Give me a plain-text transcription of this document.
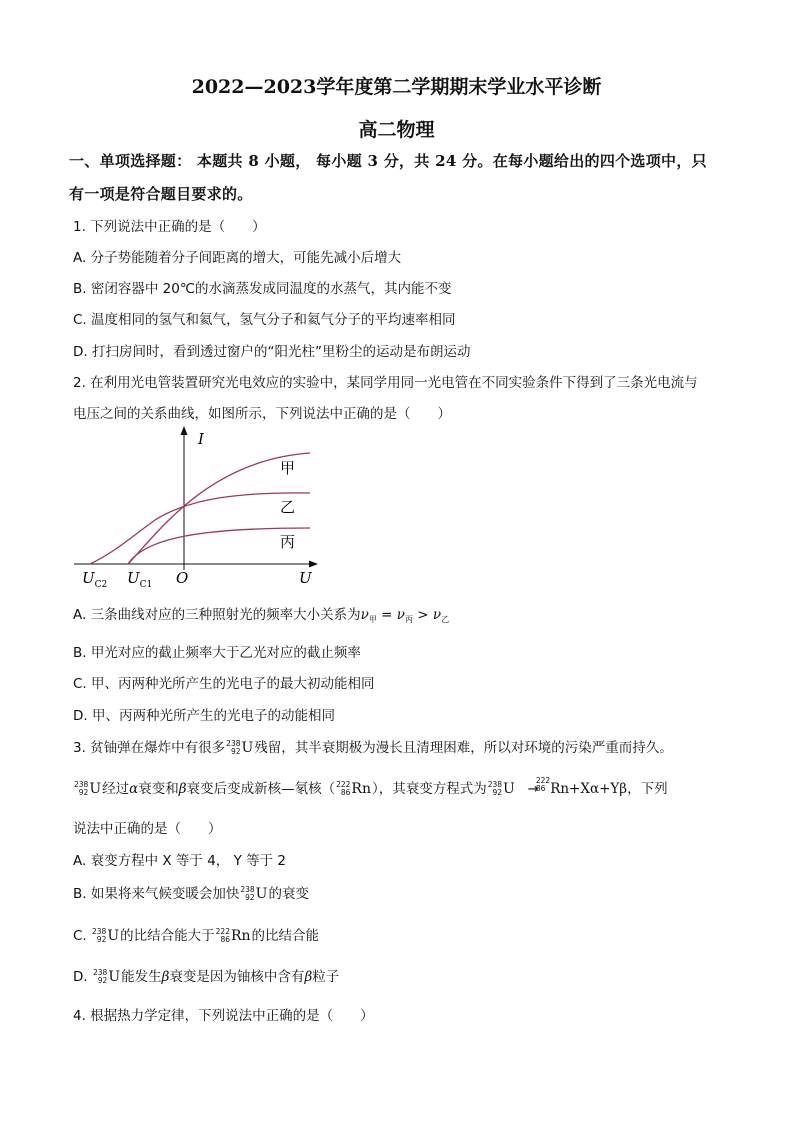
2022—2023学年度第二学期期末学业水平诊断
高二物理
一、单项选择题： 本题共 8 小题， 每小题 3 分，共 24 分。在每小题给出的四个选项中，只
有一项是符合题目要求的。
1. 下列说法中正确的是（　　）
A. 分子势能随着分子间距离的增大，可能先减小后增大
B. 密闭容器中 20℃的水滴蒸发成同温度的水蒸气，其内能不变
C. 温度相同的氢气和氦气，氢气分子和氦气分子的平均速率相同
D. 打扫房间时，看到透过窗户的“阳光柱”里粉尘的运动是布朗运动
2. 在利用光电管装置研究光电效应的实验中，某同学用同一光电管在不同实验条件下得到了三条光电流与
电压之间的关系曲线，如图所示，下列说法中正确的是（　　）
I
U
O
$U_{C2}$ $U_{C1}$
甲
乙
丙
A. 三条曲线对应的三种照射光的频率大小关系为$\nu_甲 = \nu_丙 > \nu_乙$
B. 甲光对应的截止频率大于乙光对应的截止频率
C. 甲、丙两种光所产生的光电子的最大初动能相同
D. 甲、丙两种光所产生的光电子的动能相同
3. 贫铀弹在爆炸中有很多 238
92 U 残留，其半衰期极为漫长且清理困难，所以对环境的污染严重而持久。
238
92 U 经过α衰变和β衰变后变成新核—氡核（ 222
86 Rn ），其衰变方程式为 238
92 U →
222
86 Rn+Xα+Yβ，下列
说法中正确的是（　　）
A. 衰变方程中 X 等于 4， Y 等于 2
B. 如果将来气候变暖会加快 238
92 U 的衰变
C. 238
92 U 的比结合能大于 222
86 Rn 的比结合能
D. 238
92 U 能发生β衰变是因为铀核中含有β粒子
4. 根据热力学定律，下列说法中正确的是（　　）
